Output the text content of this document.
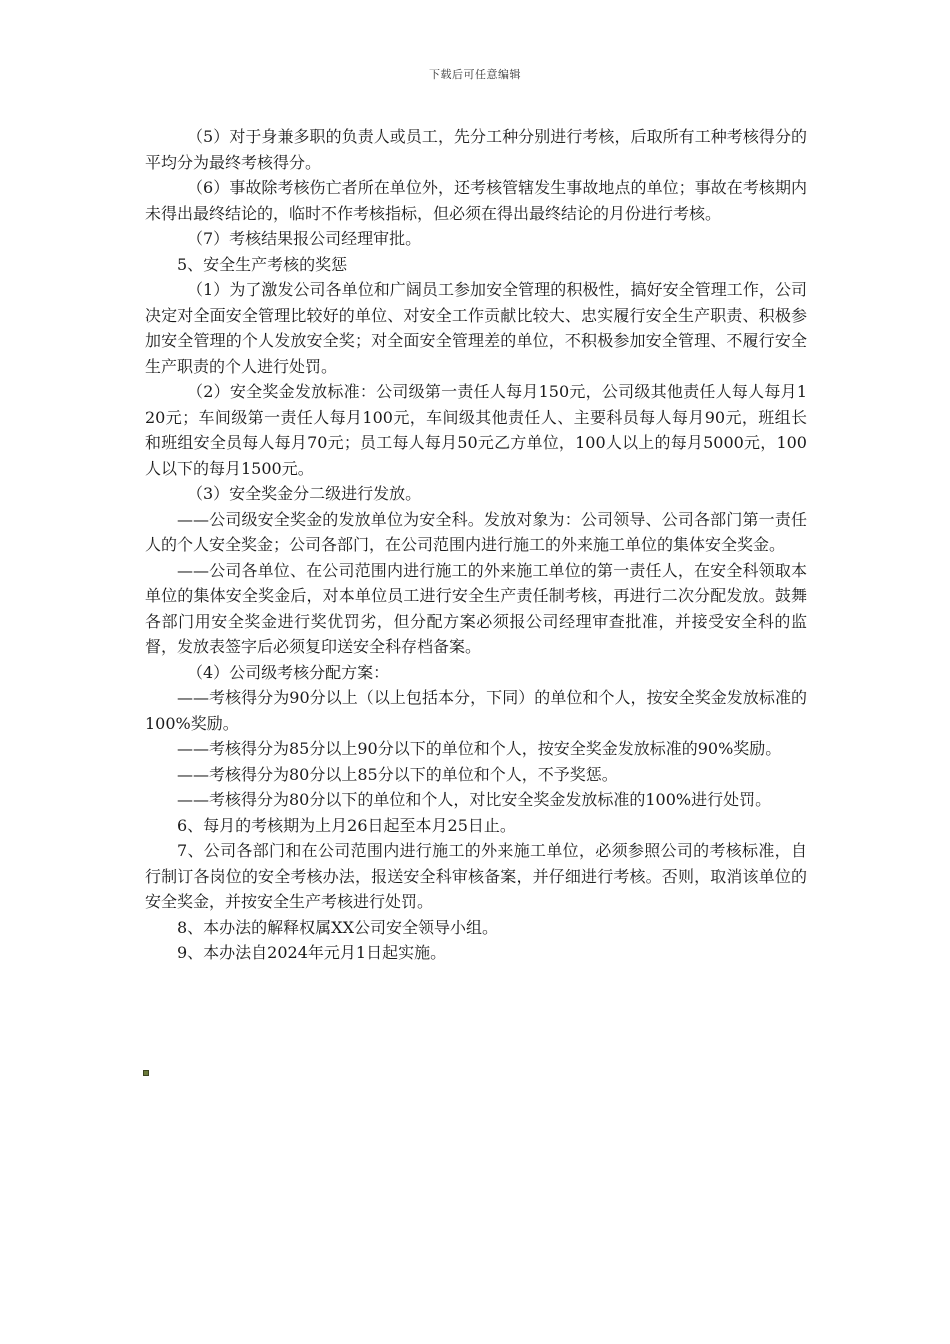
下载后可任意编辑

（5）对于身兼多职的负责人或员工，先分工种分别进行考核，后取所有工种考核得分的平均分为最终考核得分。

（6）事故除考核伤亡者所在单位外，还考核管辖发生事故地点的单位；事故在考核期内未得出最终结论的，临时不作考核指标，但必须在得出最终结论的月份进行考核。

（7）考核结果报公司经理审批。

5、安全生产考核的奖惩

（1）为了激发公司各单位和广阔员工参加安全管理的积极性，搞好安全管理工作，公司决定对全面安全管理比较好的单位、对安全工作贡献比较大、忠实履行安全生产职责、积极参加安全管理的个人发放安全奖；对全面安全管理差的单位，不积极参加安全管理、不履行安全生产职责的个人进行处罚。

（2）安全奖金发放标准：公司级第一责任人每月150元，公司级其他责任人每人每月120元；车间级第一责任人每月100元，车间级其他责任人、主要科员每人每月90元，班组长和班组安全员每人每月70元；员工每人每月50元乙方单位，100人以上的每月5000元，100人以下的每月1500元。

（3）安全奖金分二级进行发放。

——公司级安全奖金的发放单位为安全科。发放对象为：公司领导、公司各部门第一责任人的个人安全奖金；公司各部门，在公司范围内进行施工的外来施工单位的集体安全奖金。

——公司各单位、在公司范围内进行施工的外来施工单位的第一责任人，在安全科领取本单位的集体安全奖金后，对本单位员工进行安全生产责任制考核，再进行二次分配发放。鼓舞各部门用安全奖金进行奖优罚劣，但分配方案必须报公司经理审查批准，并接受安全科的监督，发放表签字后必须复印送安全科存档备案。

（4）公司级考核分配方案：

——考核得分为90分以上（以上包括本分，下同）的单位和个人，按安全奖金发放标准的100%奖励。

——考核得分为85分以上90分以下的单位和个人，按安全奖金发放标准的90%奖励。

——考核得分为80分以上85分以下的单位和个人，不予奖惩。

——考核得分为80分以下的单位和个人，对比安全奖金发放标准的100%进行处罚。

6、每月的考核期为上月26日起至本月25日止。

7、公司各部门和在公司范围内进行施工的外来施工单位，必须参照公司的考核标准，自行制订各岗位的安全考核办法，报送安全科审核备案，并仔细进行考核。否则，取消该单位的安全奖金，并按安全生产考核进行处罚。

8、本办法的解释权属XX公司安全领导小组。

9、本办法自2024年元月1日起实施。
